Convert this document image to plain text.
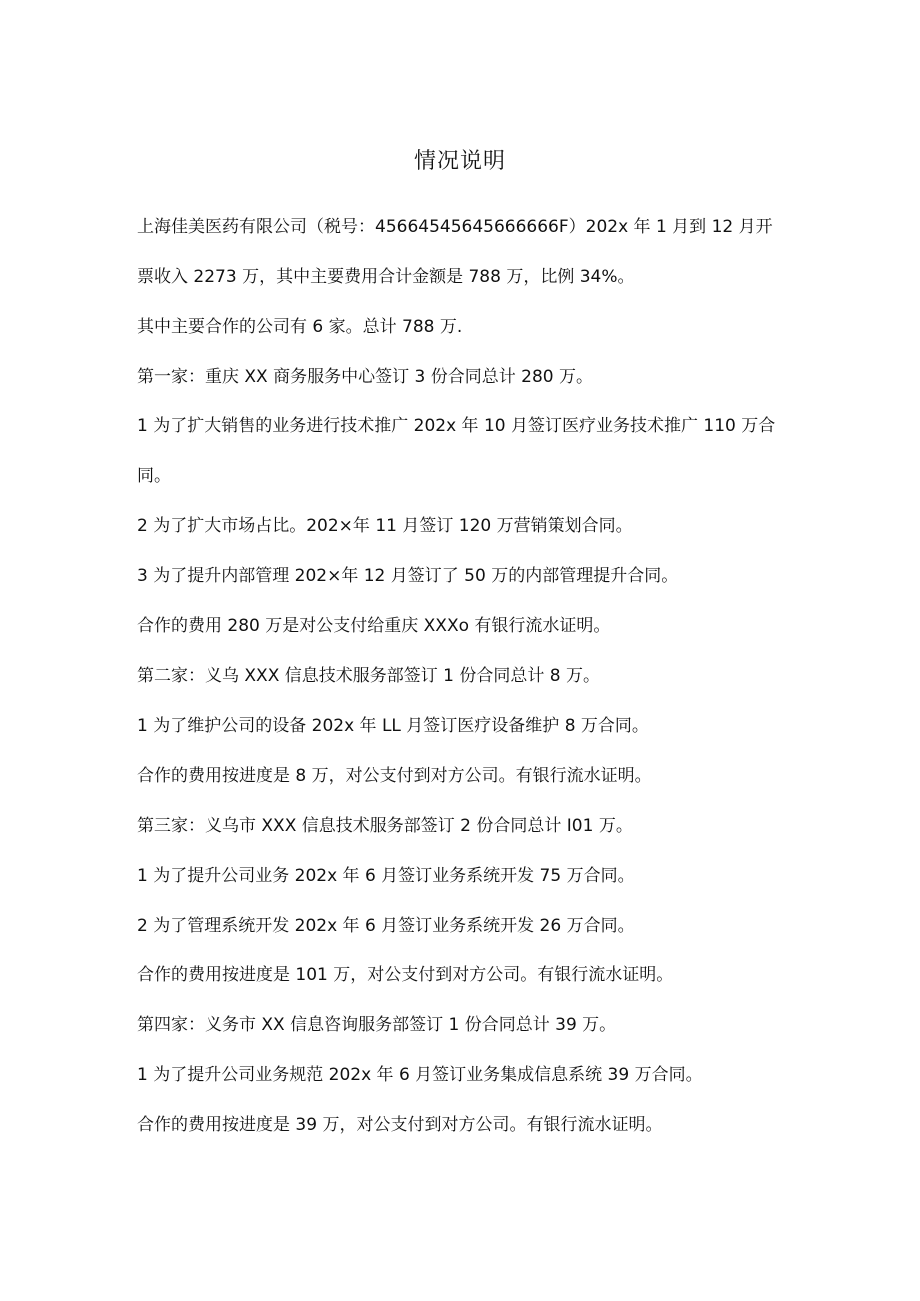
情况说明
上海佳美医药有限公司（税号：45664545645666666F）202x 年 1 月到 12 月开
票收入 2273 万，其中主要费用合计金额是 788 万，比例 34%。
其中主要合作的公司有 6 家。总计 788 万.
第一家：重庆 XX 商务服务中心签订 3 份合同总计 280 万。
1 为了扩大销售的业务进行技术推广 202x 年 10 月签订医疗业务技术推广 110 万合
同。
2 为了扩大市场占比。202×年 11 月签订 120 万营销策划合同。
3 为了提升内部管理 202×年 12 月签订了 50 万的内部管理提升合同。
合作的费用 280 万是对公支付给重庆 XXXo 有银行流水证明。
第二家：义乌 XXX 信息技术服务部签订 1 份合同总计 8 万。
1 为了维护公司的设备 202x 年 LL 月签订医疗设备维护 8 万合同。
合作的费用按进度是 8 万，对公支付到对方公司。有银行流水证明。
第三家：义乌市 XXX 信息技术服务部签订 2 份合同总计 I01 万。
1 为了提升公司业务 202x 年 6 月签订业务系统开发 75 万合同。
2 为了管理系统开发 202x 年 6 月签订业务系统开发 26 万合同。
合作的费用按进度是 101 万，对公支付到对方公司。有银行流水证明。
第四家：义务市 XX 信息咨询服务部签订 1 份合同总计 39 万。
1 为了提升公司业务规范 202x 年 6 月签订业务集成信息系统 39 万合同。
合作的费用按进度是 39 万，对公支付到对方公司。有银行流水证明。
